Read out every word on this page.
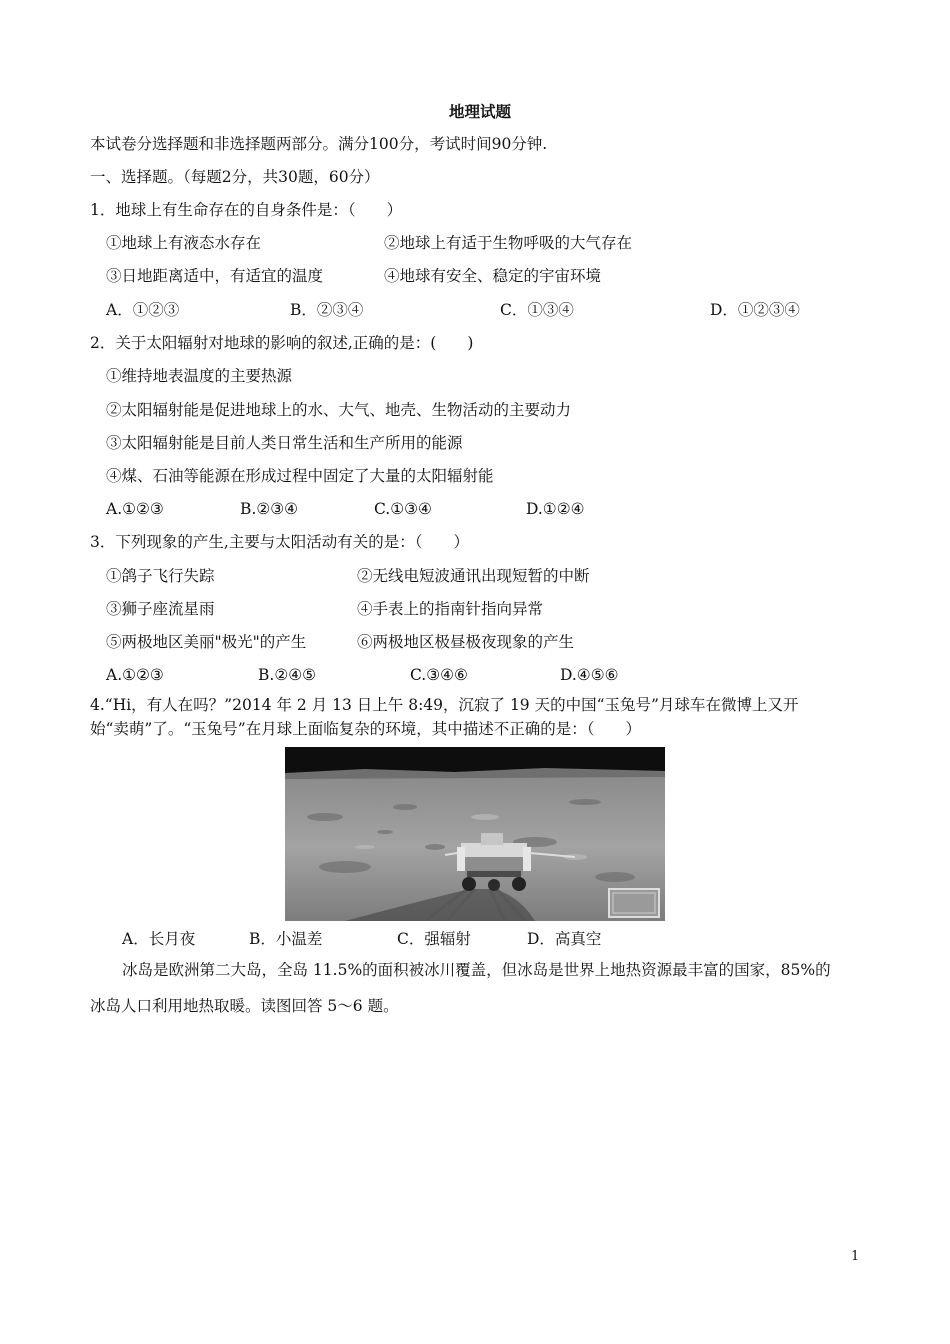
地理试题
本试卷分选择题和非选择题两部分。满分100分，考试时间90分钟.
一、选择题。（每题2分，共30题，60分）
1．地球上有生命存在的自身条件是：（　　）
①地球上有液态水存在	②地球上有适于生物呼吸的大气存在
③日地距离适中，有适宜的温度	④地球有安全、稳定的宇宙环境
A．①②③	B．②③④	C．①③④	D．①②③④
2．关于太阳辐射对地球的影响的叙述,正确的是：(　　)
①维持地表温度的主要热源
②太阳辐射能是促进地球上的水、大气、地壳、生物活动的主要动力
③太阳辐射能是目前人类日常生活和生产所用的能源
④煤、石油等能源在形成过程中固定了大量的太阳辐射能
A.①②③	B.②③④	C.①③④	D.①②④
3．下列现象的产生,主要与太阳活动有关的是：（　　）
①鸽子飞行失踪	②无线电短波通讯出现短暂的中断
③狮子座流星雨	④手表上的指南针指向异常
⑤两极地区美丽"极光"的产生	⑥两极地区极昼极夜现象的产生
A.①②③	B.②④⑤	C.③④⑥	D.④⑤⑥
4.“Hi，有人在吗？”2014 年 2 月 13 日上午 8:49，沉寂了 19 天的中国“玉兔号”月球车在微博上又开
始“卖萌”了。“玉兔号”在月球上面临复杂的环境，其中描述不正确的是：（　　）
A．长月夜	B．小温差	C．强辐射	D．高真空
冰岛是欧洲第二大岛，全岛 11.5%的面积被冰川覆盖，但冰岛是世界上地热资源最丰富的国家，85%的
冰岛人口利用地热取暖。读图回答 5～6 题。
1
